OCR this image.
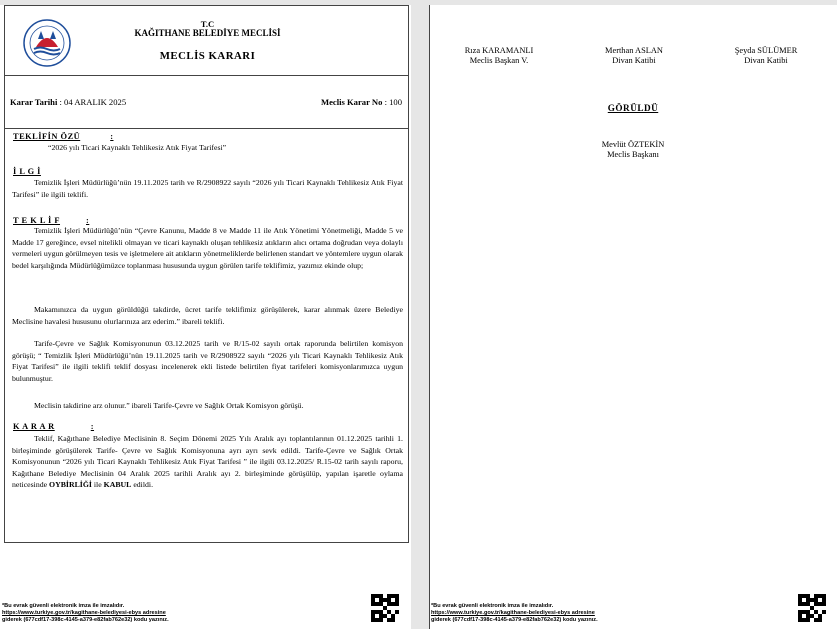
T.C
KAĞITHANE BELEDİYE MECLİSİ
MECLİS KARARI
Karar Tarihi : 04 ARALIK 2025	Meclis Karar No : 100
TEKLİFİN ÖZÜ	:
“2026 yılı Ticari Kaynaklı Tehlikesiz Atık Fiyat Tarifesi”
İ L G İ
Temizlik İşleri Müdürlüğü’nün 19.11.2025 tarih ve R/2908922 sayılı “2026 yılı Ticari Kaynaklı Tehlikesiz Atık Fiyat Tarifesi” ile ilgili teklifi.
T E K L İ F	:
Temizlik İşleri Müdürlüğü’nün “Çevre Kanunu, Madde 8 ve Madde 11 ile Atık Yönetimi Yönetmeliği, Madde 5 ve Madde 17 gereğince, evsel nitelikli olmayan ve ticari kaynaklı oluşan tehlikesiz atıkların alıcı ortama doğrudan veya dolaylı vermeleri uygun görülmeyen tesis ve işletmelere ait atıkların yönetmeliklerde belirlenen standart ve yöntemlere uygun olarak bedel karşılığında Müdürlüğümüzce toplanması hususunda uygun görülen tarife teklifimiz, yazımız ekinde olup;
Makamınızca da uygun görüldüğü takdirde, ücret tarife teklifimiz görüşülerek, karar alınmak üzere Belediye Meclisine havalesi hususunu olurlarınıza arz ederim.” ibareli teklifi.
Tarife-Çevre ve Sağlık Komisyonunun 03.12.2025 tarih ve R/15-02 sayılı ortak raporunda belirtilen komisyon görüşü; “ Temizlik İşleri Müdürlüğü’nün 19.11.2025 tarih ve R/2908922 sayılı “2026 yılı Ticari Kaynaklı Tehlikesiz Atık Fiyat Tarifesi” ile ilgili teklifi teklif dosyası incelenerek ekli listede belirtilen fiyat tarifeleri komisyonlarımızca uygun bulunmuştur.
Meclisin takdirine arz olunur.” ibareli Tarife-Çevre ve Sağlık Ortak Komisyon görüşü.
K A R A R	:
Teklif, Kağıthane Belediye Meclisinin 8. Seçim Dönemi 2025 Yılı Aralık ayı toplantılarının 01.12.2025 tarihli 1. birleşiminde görüşülerek Tarife- Çevre ve Sağlık Komisyonuna ayrı ayrı sevk edildi. Tarife-Çevre ve Sağlık Ortak Komisyonunun “2026 yılı Ticari Kaynaklı Tehlikesiz Atık Fiyat Tarifesi ” ile ilgili 03.12.2025/ R.15-02 tarih sayılı raporu, Kağıthane Belediye Meclisinin 04 Aralık 2025 tarihli Aralık ayı 2. birleşiminde görüşülüp, yapılan işaretle oylama neticesinde OYBİRLİĞİ ile KABUL edildi.
*Bu evrak güvenli elektronik imza ile imzalıdır.
https://www.turkiye.gov.tr/kagithane-belediyesi-ebys adresine
giderek (677cdf17-398c-4145-a379-e82fab762e32) kodu yazınız.
Rıza KARAMANLI
Meclis Başkan V.
Merthan ASLAN
Divan Katibi
Şeyda SÜLÜMER
Divan Katibi
GÖRÜLDÜ
Mevlüt ÖZTEKİN
Meclis Başkanı
*Bu evrak güvenli elektronik imza ile imzalıdır.
https://www.turkiye.gov.tr/kagithane-belediyesi-ebys adresine
giderek (677cdf17-398c-4145-a379-e82fab762e32) kodu yazınız.
